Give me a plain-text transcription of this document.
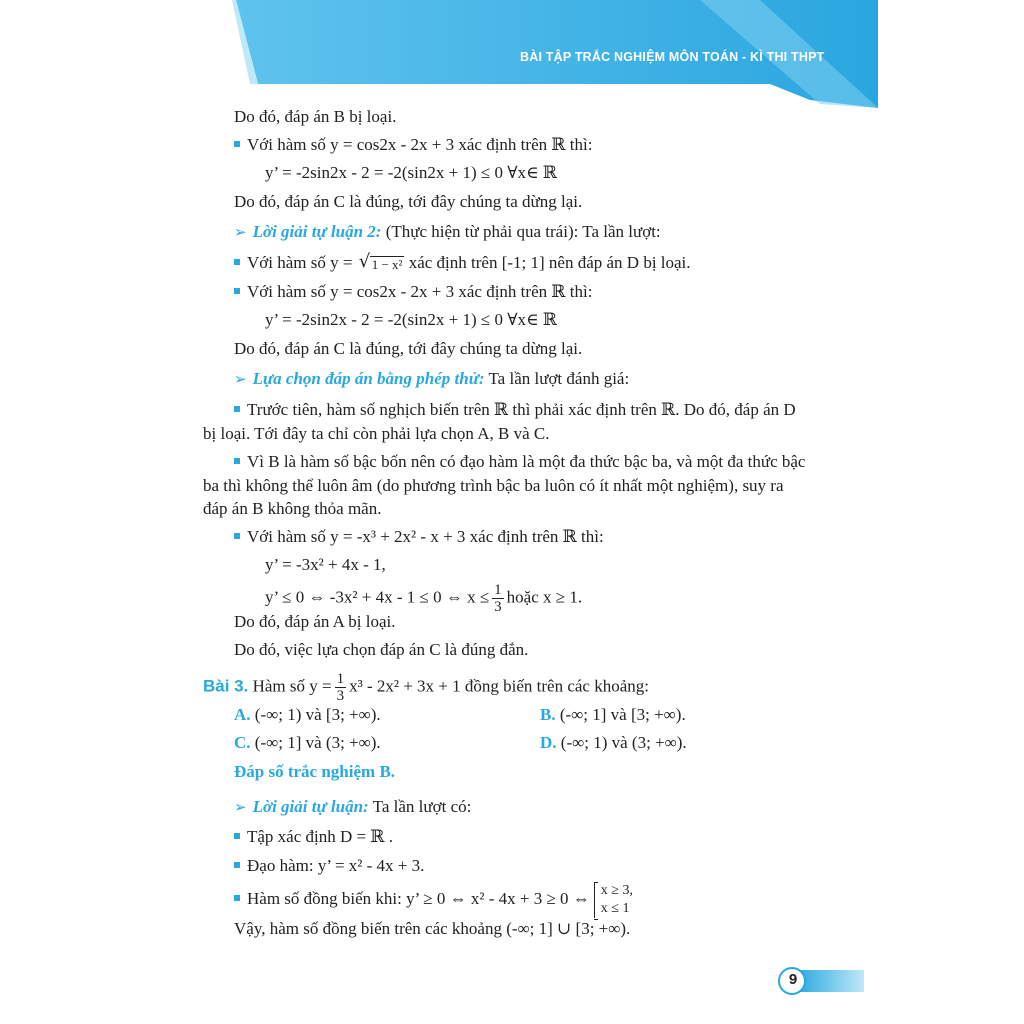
BÀI TẬP TRẮC NGHIỆM MÔN TOÁN - KÌ THI THPT
Do đó, đáp án B bị loại.
Với hàm số y = cos2x - 2x + 3 xác định trên ℝ thì:
y’ = -2sin2x - 2 = -2(sin2x + 1) ≤ 0 ∀x∈ ℝ
Do đó, đáp án C là đúng, tới đây chúng ta dừng lại.
➢ Lời giải tự luận 2: (Thực hiện từ phải qua trái): Ta lần lượt:
Với hàm số y = √ 1 − x² xác định trên [-1; 1] nên đáp án D bị loại.
Với hàm số y = cos2x - 2x + 3 xác định trên ℝ thì:
y’ = -2sin2x - 2 = -2(sin2x + 1) ≤ 0 ∀x∈ ℝ
Do đó, đáp án C là đúng, tới đây chúng ta dừng lại.
➢ Lựa chọn đáp án bằng phép thử: Ta lần lượt đánh giá:
Trước tiên, hàm số nghịch biến trên ℝ thì phải xác định trên ℝ. Do đó, đáp án D
bị loại. Tới đây ta chỉ còn phải lựa chọn A, B và C.
Vì B là hàm số bậc bốn nên có đạo hàm là một đa thức bậc ba, và một đa thức bậc
ba thì không thể luôn âm (do phương trình bậc ba luôn có ít nhất một nghiệm), suy ra
đáp án B không thỏa mãn.
Với hàm số y = -x³ + 2x² - x + 3 xác định trên ℝ thì:
y’ = -3x² + 4x - 1,
y’ ≤ 0 ⇔ -3x² + 4x - 1 ≤ 0 ⇔ $x \le \frac{1}{3}$ hoặc x ≥ 1.
Do đó, đáp án A bị loại.
Do đó, việc lựa chọn đáp án C là đúng đắn.
Bài 3. Hàm số $y = \frac{1}{3} x^3 - 2x^2 + 3x + 1$ đồng biến trên các khoảng:
A. (-∞; 1) và [3; +∞).	B. (-∞; 1] và [3; +∞).
C. (-∞; 1] và (3; +∞).	D. (-∞; 1) và (3; +∞).
Đáp số trắc nghiệm B.
➢ Lời giải tự luận: Ta lần lượt có:
Tập xác định D = ℝ .
Đạo hàm: y’ = x² - 4x + 3.
Hàm số đồng biến khi: y’ ≥ 0 ⇔ x² - 4x + 3 ≥ 0 ⇔ x ≥ 3,
x ≤ 1
Vậy, hàm số đồng biến trên các khoảng (-∞; 1] ∪ [3; +∞).
9
